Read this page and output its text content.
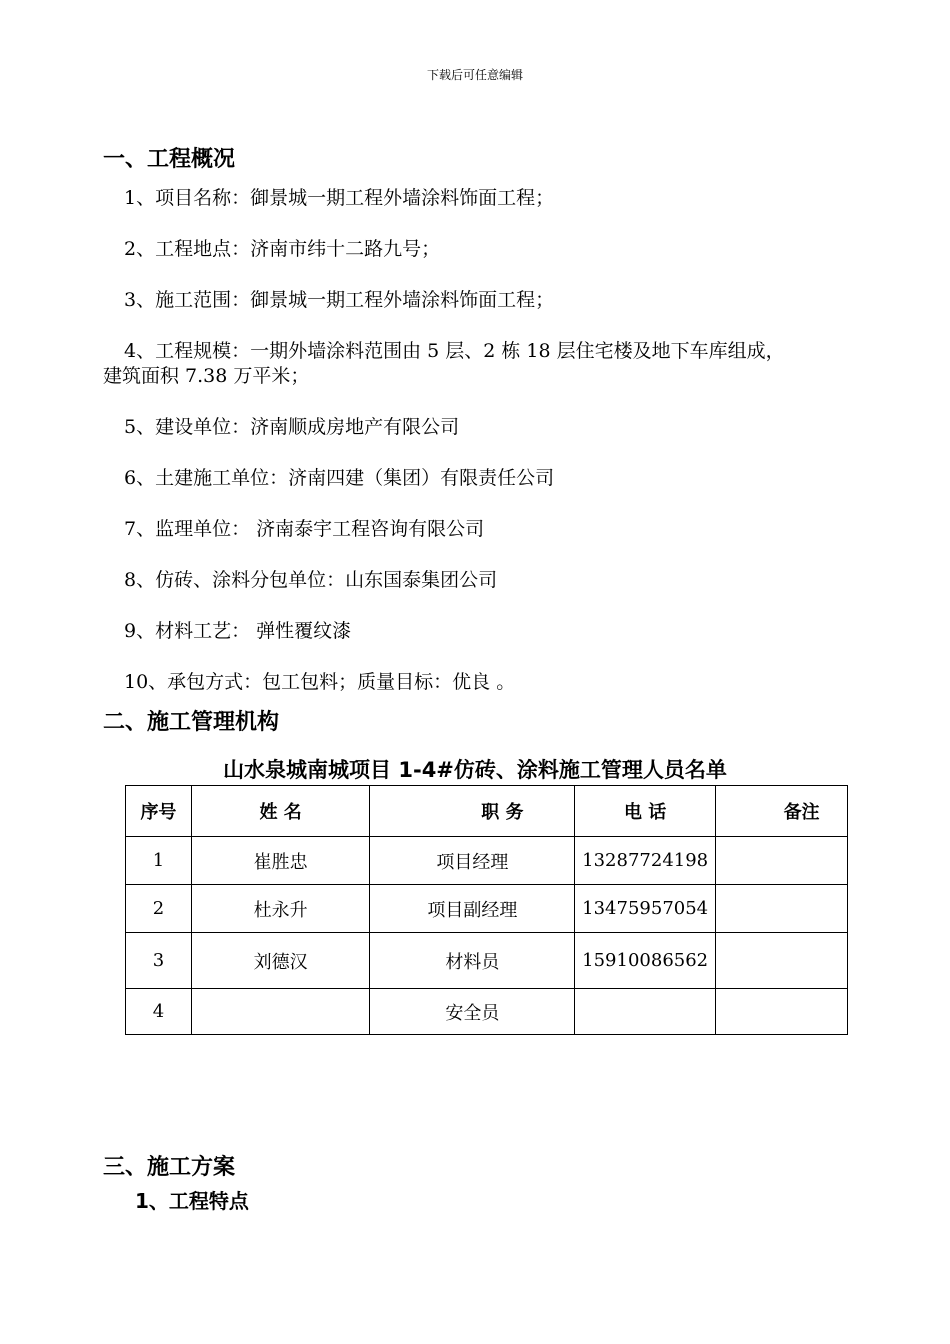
下载后可任意编辑
一、工程概况
1、项目名称：御景城一期工程外墙涂料饰面工程；
2、工程地点：济南市纬十二路九号；
3、施工范围：御景城一期工程外墙涂料饰面工程；
4、工程规模：一期外墙涂料范围由 5 层、2 栋 18 层住宅楼及地下车库组成，
建筑面积 7.38 万平米；
5、建设单位：济南顺成房地产有限公司
6、土建施工单位：济南四建（集团）有限责任公司
7、监理单位： 济南泰宇工程咨询有限公司
8、仿砖、涂料分包单位：山东国泰集团公司
9、材料工艺： 弹性覆纹漆
10、承包方式：包工包料；质量目标：优良 。
二、施工管理机构
山水泉城南城项目 1-4#仿砖、涂料施工管理人员名单
序号	姓 名	职 务	电 话	备注
1	崔胜忠	项目经理	13287724198	
2	杜永升	项目副经理	13475957054	
3	刘德汉	材料员	15910086562	
4		安全员		
三、施工方案
1、工程特点
